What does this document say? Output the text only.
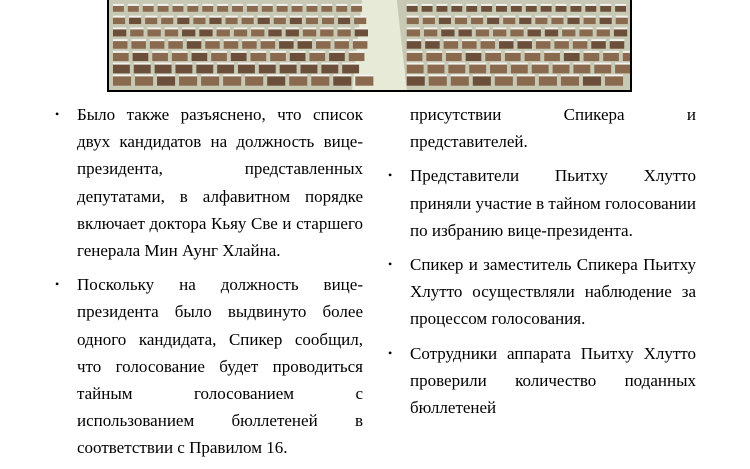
• Было также разъяснено, что список двух кандидатов на должность вице-президента, представленных депутатами, в алфавитном порядке включает доктора Кьяу Све и старшего генерала Мин Аунг Хлайна.
• Поскольку на должность вице-президента было выдвинуто более одного кандидата, Спикер сообщил, что голосование будет проводиться тайным голосованием с использованием бюллетеней в соответствии с Правилом 16.
присутствии Спикера и представителей.
• Представители Пьитху Хлутто приняли участие в тайном голосовании по избранию вице-президента.
• Спикер и заместитель Спикера Пьитху Хлутто осуществляли наблюдение за процессом голосования.
• Сотрудники аппарата Пьитху Хлутто проверили количество поданных бюллетеней
